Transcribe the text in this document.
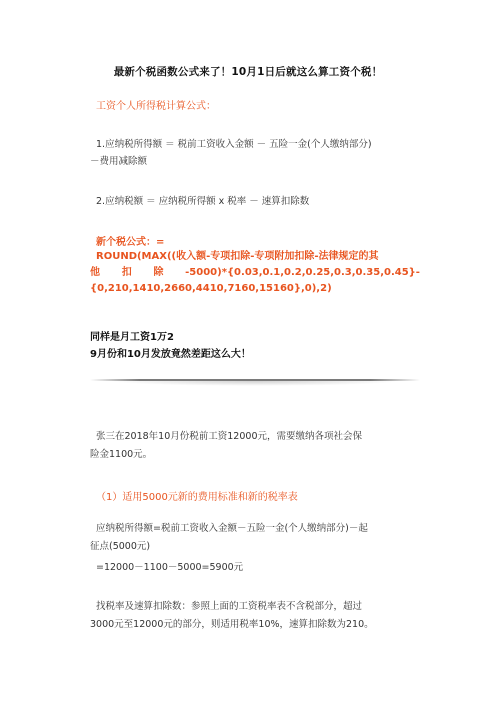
最新个税函数公式来了！10月1日后就这么算工资个税！
工资个人所得税计算公式：
1.应纳税所得额 ＝ 税前工资收入金额 － 五险一金(个人缴纳部分)
－费用减除额
2.应纳税额 ＝ 应纳税所得额 x 税率 － 速算扣除数
新个税公式：=
ROUND(MAX((收入额-专项扣除-专项附加扣除-法律规定的其
他 扣 除 -5000)*{0.03,0.1,0.2,0.25,0.3,0.35,0.45}-
{0,210,1410,2660,4410,7160,15160},0),2)
同样是月工资1万2
9月份和10月发放竟然差距这么大！
张三在2018年10月份税前工资12000元，需要缴纳各项社会保
险金1100元。
（1）适用5000元新的费用标准和新的税率表
应纳税所得额=税前工资收入金额－五险一金(个人缴纳部分)－起
征点(5000元)
=12000－1100－5000=5900元
找税率及速算扣除数：参照上面的工资税率表不含税部分，超过
3000元至12000元的部分，则适用税率10%，速算扣除数为210。
